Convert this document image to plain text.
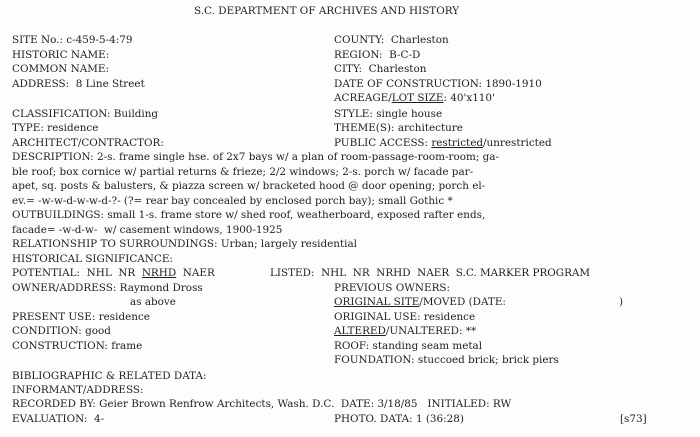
S.C. DEPARTMENT OF ARCHIVES AND HISTORY
SITE No.: c-459-5-4:79
HISTORIC NAME:
COMMON NAME:
ADDRESS:  8 Line Street
COUNTY:  Charleston
REGION:  B-C-D
CITY:  Charleston
DATE OF CONSTRUCTION: 1890-1910
ACREAGE/LOT SIZE: 40'x110'
CLASSIFICATION: Building
TYPE: residence
ARCHITECT/CONTRACTOR:
STYLE: single house
THEME(S): architecture
PUBLIC ACCESS: restricted/unrestricted
DESCRIPTION: 2-s. frame single hse. of 2x7 bays w/ a plan of room-passage-room-room; ga-
ble roof; box cornice w/ partial returns & frieze; 2/2 windows; 2-s. porch w/ facade par-
apet, sq. posts & balusters, & piazza screen w/ bracketed hood @ door opening; porch el-
ev.= -w-w-d-w-w-d-?- (?= rear bay concealed by enclosed porch bay); small Gothic *
OUTBUILDINGS: small 1-s. frame store w/ shed roof, weatherboard, exposed rafter ends,
facade= -w-d-w-  w/ casement windows, 1900-1925
RELATIONSHIP TO SURROUNDINGS: Urban; largely residential
HISTORICAL SIGNIFICANCE:
POTENTIAL:  NHL  NR  NRHD  NAER	LISTED:  NHL  NR  NRHD  NAER  S.C. MARKER PROGRAM
OWNER/ADDRESS: Raymond Dross
as above
PREVIOUS OWNERS:
ORIGINAL SITE/MOVED (DATE:	)
PRESENT USE: residence	ORIGINAL USE: residence
CONDITION: good	ALTERED/UNALTERED: **
CONSTRUCTION: frame	ROOF: standing seam metal
FOUNDATION: stuccoed brick; brick piers
BIBLIOGRAPHIC & RELATED DATA:
INFORMANT/ADDRESS:
RECORDED BY: Geier Brown Renfrow Architects, Wash. D.C.  DATE: 3/18/85   INITIALED: RW
EVALUATION:  4-	PHOTO. DATA: 1 (36:28)	[s73]
